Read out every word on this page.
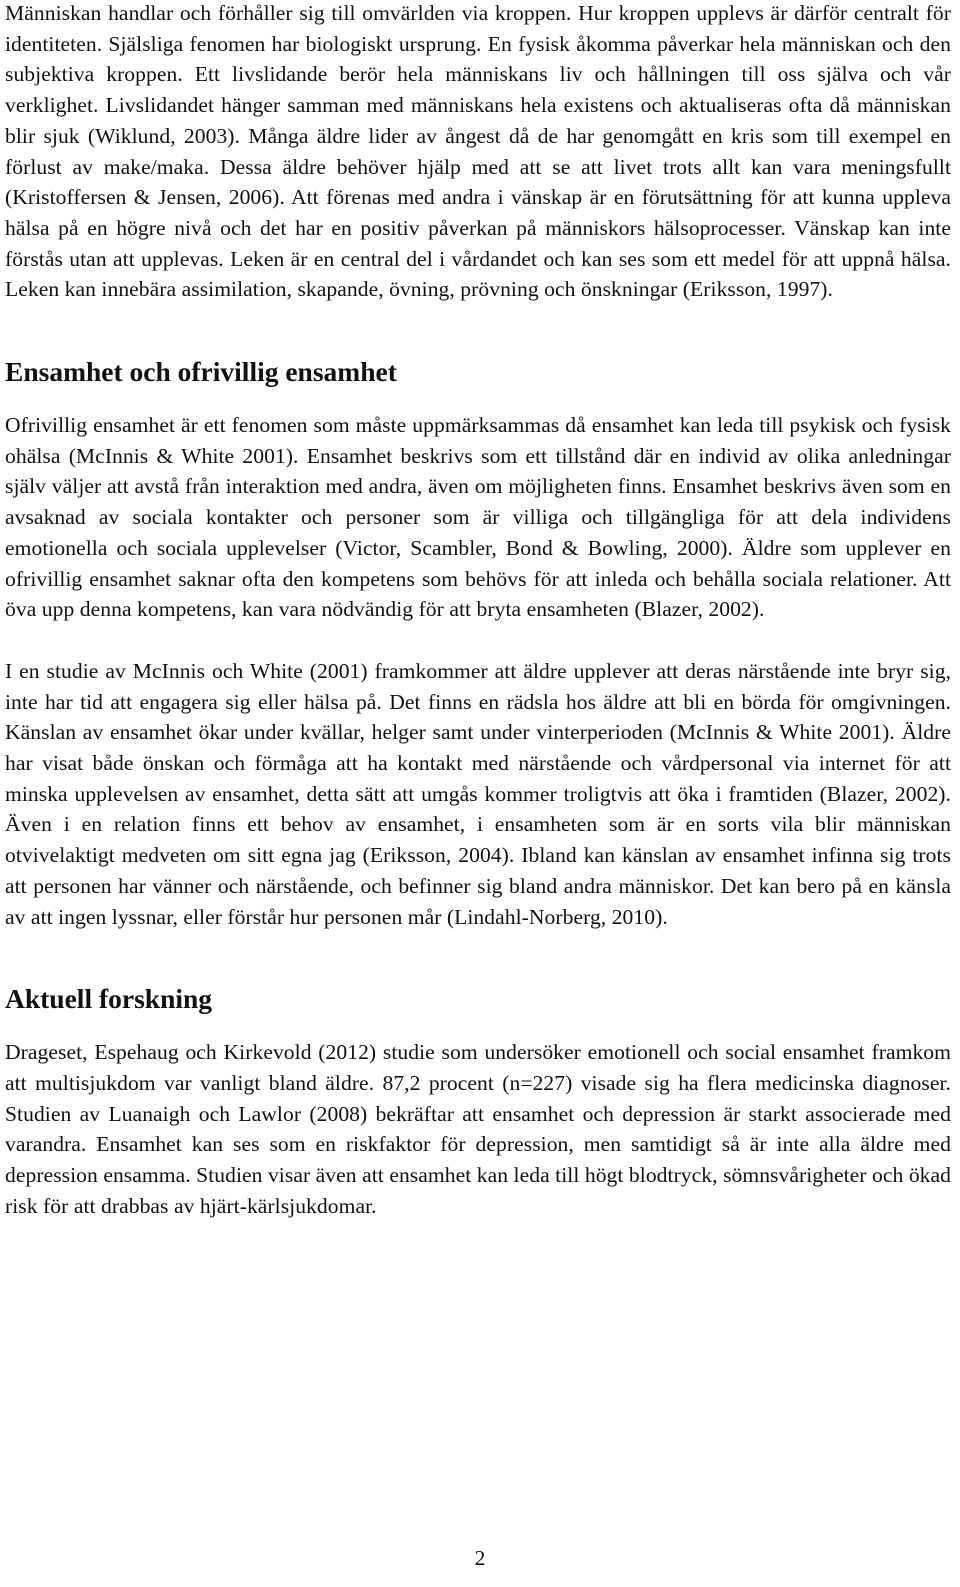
Människan handlar och förhåller sig till omvärlden via kroppen. Hur kroppen upplevs är därför centralt för identiteten. Själsliga fenomen har biologiskt ursprung. En fysisk åkomma påverkar hela människan och den subjektiva kroppen. Ett livslidande berör hela människans liv och hållningen till oss själva och vår verklighet. Livslidandet hänger samman med människans hela existens och aktualiseras ofta då människan blir sjuk (Wiklund, 2003). Många äldre lider av ångest då de har genomgått en kris som till exempel en förlust av make/maka. Dessa äldre behöver hjälp med att se att livet trots allt kan vara meningsfullt (Kristoffersen & Jensen, 2006). Att förenas med andra i vänskap är en förutsättning för att kunna uppleva hälsa på en högre nivå och det har en positiv påverkan på människors hälsoprocesser. Vänskap kan inte förstås utan att upplevas. Leken är en central del i vårdandet och kan ses som ett medel för att uppnå hälsa. Leken kan innebära assimilation, skapande, övning, prövning och önskningar (Eriksson, 1997).

Ensamhet och ofrivillig ensamhet

Ofrivillig ensamhet är ett fenomen som måste uppmärksammas då ensamhet kan leda till psykisk och fysisk ohälsa (McInnis & White 2001). Ensamhet beskrivs som ett tillstånd där en individ av olika anledningar själv väljer att avstå från interaktion med andra, även om möjligheten finns. Ensamhet beskrivs även som en avsaknad av sociala kontakter och personer som är villiga och tillgängliga för att dela individens emotionella och sociala upplevelser (Victor, Scambler, Bond & Bowling, 2000). Äldre som upplever en ofrivillig ensamhet saknar ofta den kompetens som behövs för att inleda och behålla sociala relationer. Att öva upp denna kompetens, kan vara nödvändig för att bryta ensamheten (Blazer, 2002).

I en studie av McInnis och White (2001) framkommer att äldre upplever att deras närstående inte bryr sig, inte har tid att engagera sig eller hälsa på. Det finns en rädsla hos äldre att bli en börda för omgivningen. Känslan av ensamhet ökar under kvällar, helger samt under vinterperioden (McInnis & White 2001). Äldre har visat både önskan och förmåga att ha kontakt med närstående och vårdpersonal via internet för att minska upplevelsen av ensamhet, detta sätt att umgås kommer troligtvis att öka i framtiden (Blazer, 2002). Även i en relation finns ett behov av ensamhet, i ensamheten som är en sorts vila blir människan otvivelaktigt medveten om sitt egna jag (Eriksson, 2004). Ibland kan känslan av ensamhet infinna sig trots att personen har vänner och närstående, och befinner sig bland andra människor. Det kan bero på en känsla av att ingen lyssnar, eller förstår hur personen mår (Lindahl-Norberg, 2010).

Aktuell forskning

Drageset, Espehaug och Kirkevold (2012) studie som undersöker emotionell och social ensamhet framkom att multisjukdom var vanligt bland äldre. 87,2 procent (n=227) visade sig ha flera medicinska diagnoser. Studien av Luanaigh och Lawlor (2008) bekräftar att ensamhet och depression är starkt associerade med varandra. Ensamhet kan ses som en riskfaktor för depression, men samtidigt så är inte alla äldre med depression ensamma. Studien visar även att ensamhet kan leda till högt blodtryck, sömnsvårigheter och ökad risk för att drabbas av hjärt-kärlsjukdomar.

2
